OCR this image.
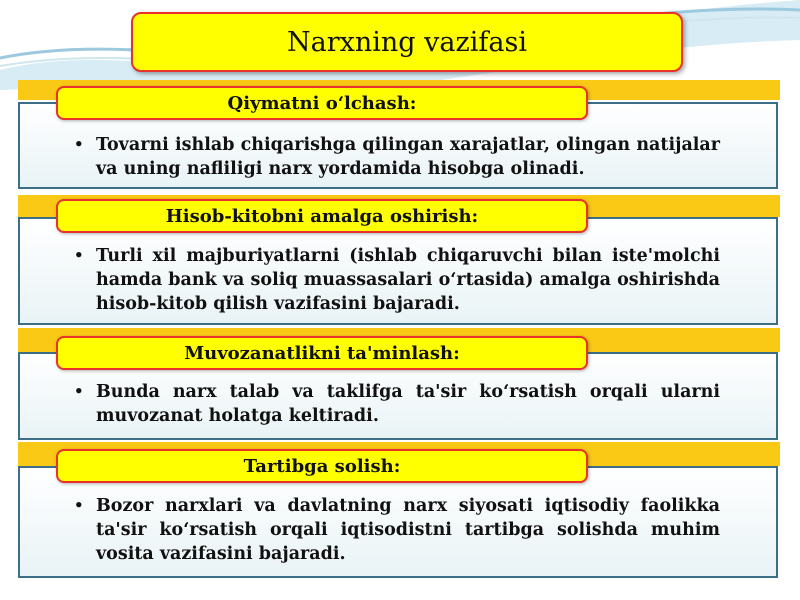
Narxning vazifasi
Qiymatni o‘lchash:
Hisob-kitobni amalga oshirish:
Muvozanatlikni ta'minlash:
Tartibga solish:
• Tovarni ishlab chiqarishga qilingan xarajatlar, olingan natijalar va uning nafliligi narx yordamida hisobga olinadi.
• Turli xil majburiyatlarni (ishlab chiqaruvchi bilan iste'molchi hamda bank va soliq muassasalari o‘rtasida) amalga oshirishda hisob-kitob qilish vazifasini bajaradi.
• Bunda narx talab va taklifga ta'sir ko‘rsatish orqali ularni muvozanat holatga keltiradi.
• Bozor narxlari va davlatning narx siyosati iqtisodiy faolikka ta'sir ko‘rsatish orqali iqtisodistni tartibga solishda muhim vosita vazifasini bajaradi.
